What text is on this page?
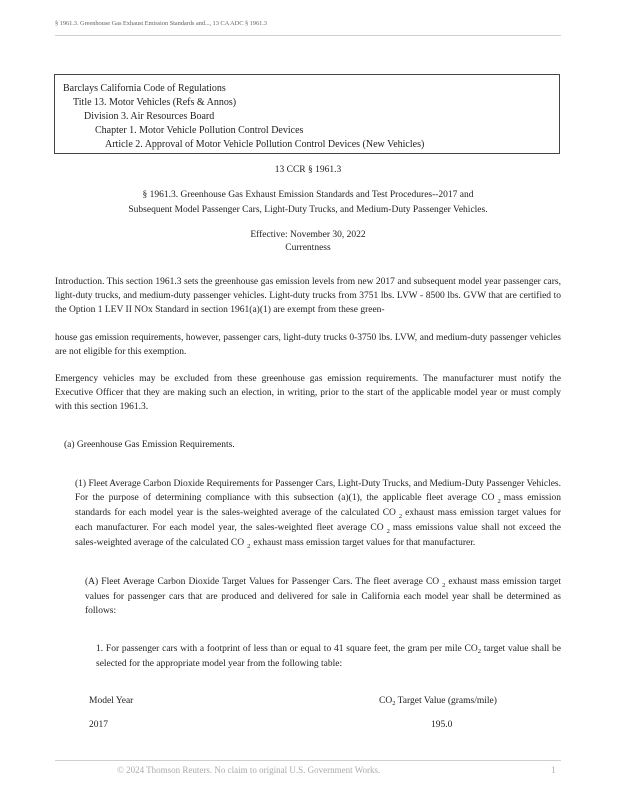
§ 1961.3. Greenhouse Gas Exhaust Emission Standards and..., 13 CA ADC § 1961.3
Barclays California Code of Regulations
Title 13. Motor Vehicles (Refs & Annos)
Division 3. Air Resources Board
Chapter 1. Motor Vehicle Pollution Control Devices
Article 2. Approval of Motor Vehicle Pollution Control Devices (New Vehicles)
13 CCR § 1961.3
§ 1961.3. Greenhouse Gas Exhaust Emission Standards and Test Procedures--2017 and
Subsequent Model Passenger Cars, Light-Duty Trucks, and Medium-Duty Passenger Vehicles.
Effective: November 30, 2022
Currentness
Introduction. This section 1961.3 sets the greenhouse gas emission levels from new 2017 and subsequent model year passenger cars, light-duty trucks, and medium-duty passenger vehicles. Light-duty trucks from 3751 lbs. LVW - 8500 lbs. GVW that are certified to the Option 1 LEV II NOx Standard in section 1961(a)(1) are exempt from these green-
house gas emission requirements, however, passenger cars, light-duty trucks 0-3750 lbs. LVW, and medium-duty passenger vehicles are not eligible for this exemption.
Emergency vehicles may be excluded from these greenhouse gas emission requirements. The manufacturer must notify the Executive Officer that they are making such an election, in writing, prior to the start of the applicable model year or must comply with this section 1961.3.
(a) Greenhouse Gas Emission Requirements.
(1) Fleet Average Carbon Dioxide Requirements for Passenger Cars, Light-Duty Trucks, and Medium-Duty Passenger Vehicles. For the purpose of determining compliance with this subsection (a)(1), the applicable fleet average CO $_2$ mass emission standards for each model year is the sales-weighted average of the calculated CO $_2$ exhaust mass emission target values for each manufacturer. For each model year, the sales-weighted fleet average CO $_2$ mass emissions value shall not exceed the sales-weighted average of the calculated CO $_2$ exhaust mass emission target values for that manufacturer.
(A) Fleet Average Carbon Dioxide Target Values for Passenger Cars. The fleet average CO $_2$ exhaust mass emission target values for passenger cars that are produced and delivered for sale in California each model year shall be determined as follows:
1. For passenger cars with a footprint of less than or equal to 41 square feet, the gram per mile $CO_2$ target value shall be selected for the appropriate model year from the following table:
Model Year	$CO_2$ Target Value (grams/mile)
2017	195.0
© 2024 Thomson Reuters. No claim to original U.S. Government Works.	1
